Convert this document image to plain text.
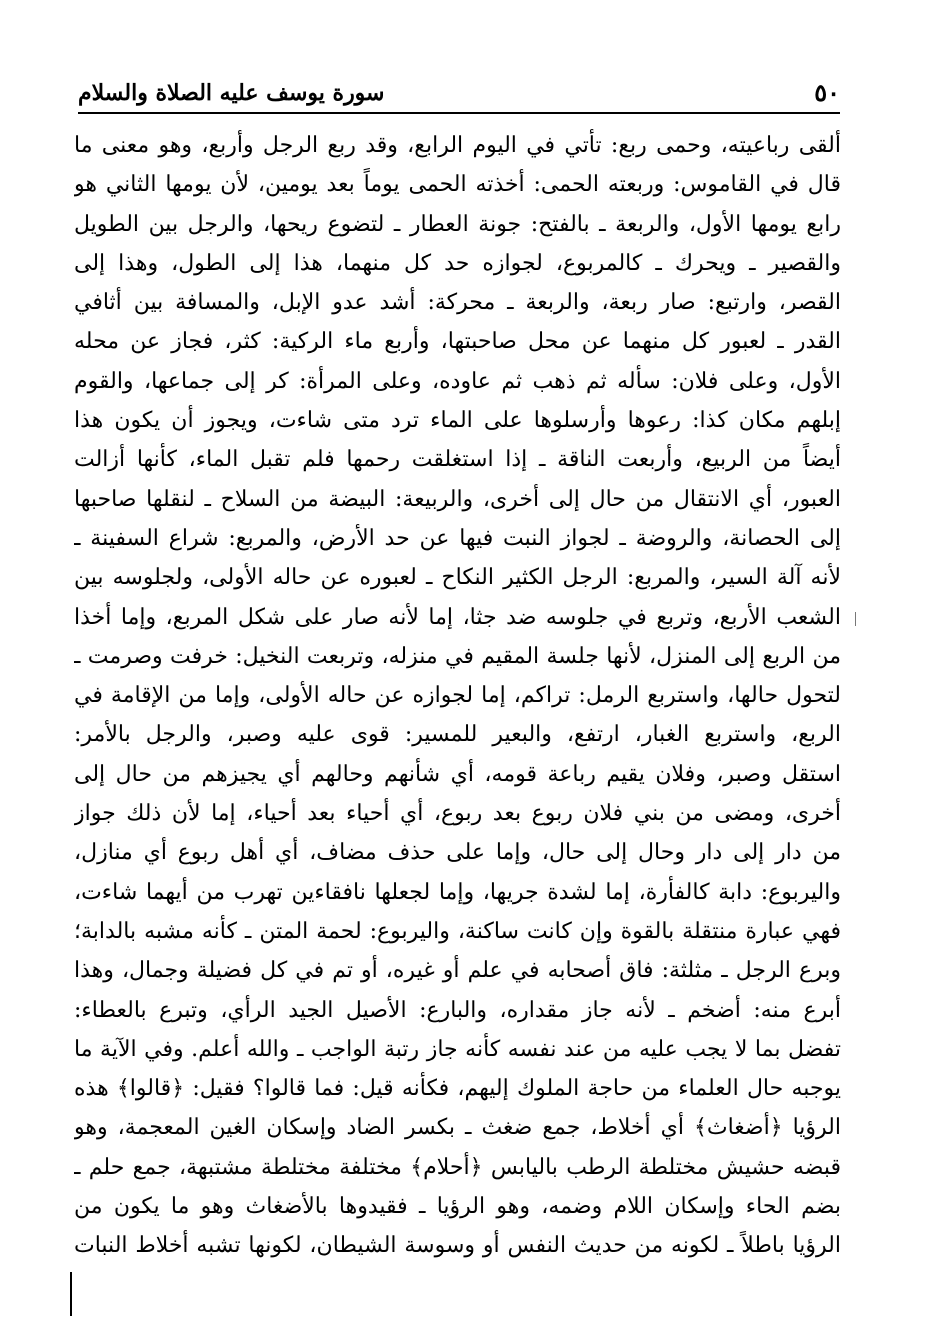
٥٠
سورة يوسف عليه الصلاة والسلام
ألقى رباعيته، وحمى ربع: تأتي في اليوم الرابع، وقد ربع الرجل وأربع، وهو معنى ما
قال في القاموس: وربعته الحمى: أخذته الحمى يوماً بعد يومين، لأن يومها الثاني هو
رابع يومها الأول، والربعة ـ بالفتح: جونة العطار ـ لتضوع ريحها، والرجل بين الطويل
والقصير ـ ويحرك ـ كالمربوع، لجوازه حد كل منهما، هذا إلى الطول، وهذا إلى
القصر، وارتبع: صار ربعة، والربعة ـ محركة: أشد عدو الإبل، والمسافة بين أثافي
القدر ـ لعبور كل منهما عن محل صاحبتها، وأربع ماء الركية: كثر، فجاز عن محله
الأول، وعلى فلان: سأله ثم ذهب ثم عاوده، وعلى المرأة: كر إلى جماعها، والقوم
إبلهم مكان كذا: رعوها وأرسلوها على الماء ترد متى شاءت، ويجوز أن يكون هذا
أيضاً من الربيع، وأربعت الناقة ـ إذا استغلقت رحمها فلم تقبل الماء، كأنها أزالت
العبور، أي الانتقال من حال إلى أخرى، والربيعة: البيضة من السلاح ـ لنقلها صاحبها
إلى الحصانة، والروضة ـ لجواز النبت فيها عن حد الأرض، والمربع: شراع السفينة ـ
لأنه آلة السير، والمربع: الرجل الكثير النكاح ـ لعبوره عن حاله الأولى، ولجلوسه بين
الشعب الأربع، وتربع في جلوسه ضد جثا، إما لأنه صار على شكل المربع، وإما أخذا
من الربع إلى المنزل، لأنها جلسة المقيم في منزله، وتربعت النخيل: خرفت وصرمت ـ
لتحول حالها، واستربع الرمل: تراكم، إما لجوازه عن حاله الأولى، وإما من الإقامة في
الربع، واستربع الغبار، ارتفع، والبعير للمسير: قوى عليه وصبر، والرجل بالأمر:
استقل وصبر، وفلان يقيم رباعة قومه، أي شأنهم وحالهم أي يجيزهم من حال إلى
أخرى، ومضى من بني فلان ربوع بعد ربوع، أي أحياء بعد أحياء، إما لأن ذلك جواز
من دار إلى دار وحال إلى حال، وإما على حذف مضاف، أي أهل ربوع أي منازل،
واليربوع: دابة كالفأرة، إما لشدة جريها، وإما لجعلها نافقاءين تهرب من أيهما شاءت،
فهي عبارة منتقلة بالقوة وإن كانت ساكنة، واليربوع: لحمة المتن ـ كأنه مشبه بالدابة؛
وبرع الرجل ـ مثلثة: فاق أصحابه في علم أو غيره، أو تم في كل فضيلة وجمال، وهذا
أبرع منه: أضخم ـ لأنه جاز مقداره، والبارع: الأصيل الجيد الرأي، وتبرع بالعطاء:
تفضل بما لا يجب عليه من عند نفسه كأنه جاز رتبة الواجب ـ والله أعلم. وفي الآية ما
يوجبه حال العلماء من حاجة الملوك إليهم، فكأنه قيل: فما قالوا؟ فقيل: ﴿قالوا﴾ هذه
الرؤيا ﴿أضغاث﴾ أي أخلاط، جمع ضغث ـ بكسر الضاد وإسكان الغين المعجمة، وهو
قبضه حشيش مختلطة الرطب باليابس ﴿أحلام﴾ مختلفة مختلطة مشتبهة، جمع حلم ـ
بضم الحاء وإسكان اللام وضمه، وهو الرؤيا ـ فقيدوها بالأضغاث وهو ما يكون من
الرؤيا باطلاً ـ لكونه من حديث النفس أو وسوسة الشيطان، لكونها تشبه أخلاط النبات
